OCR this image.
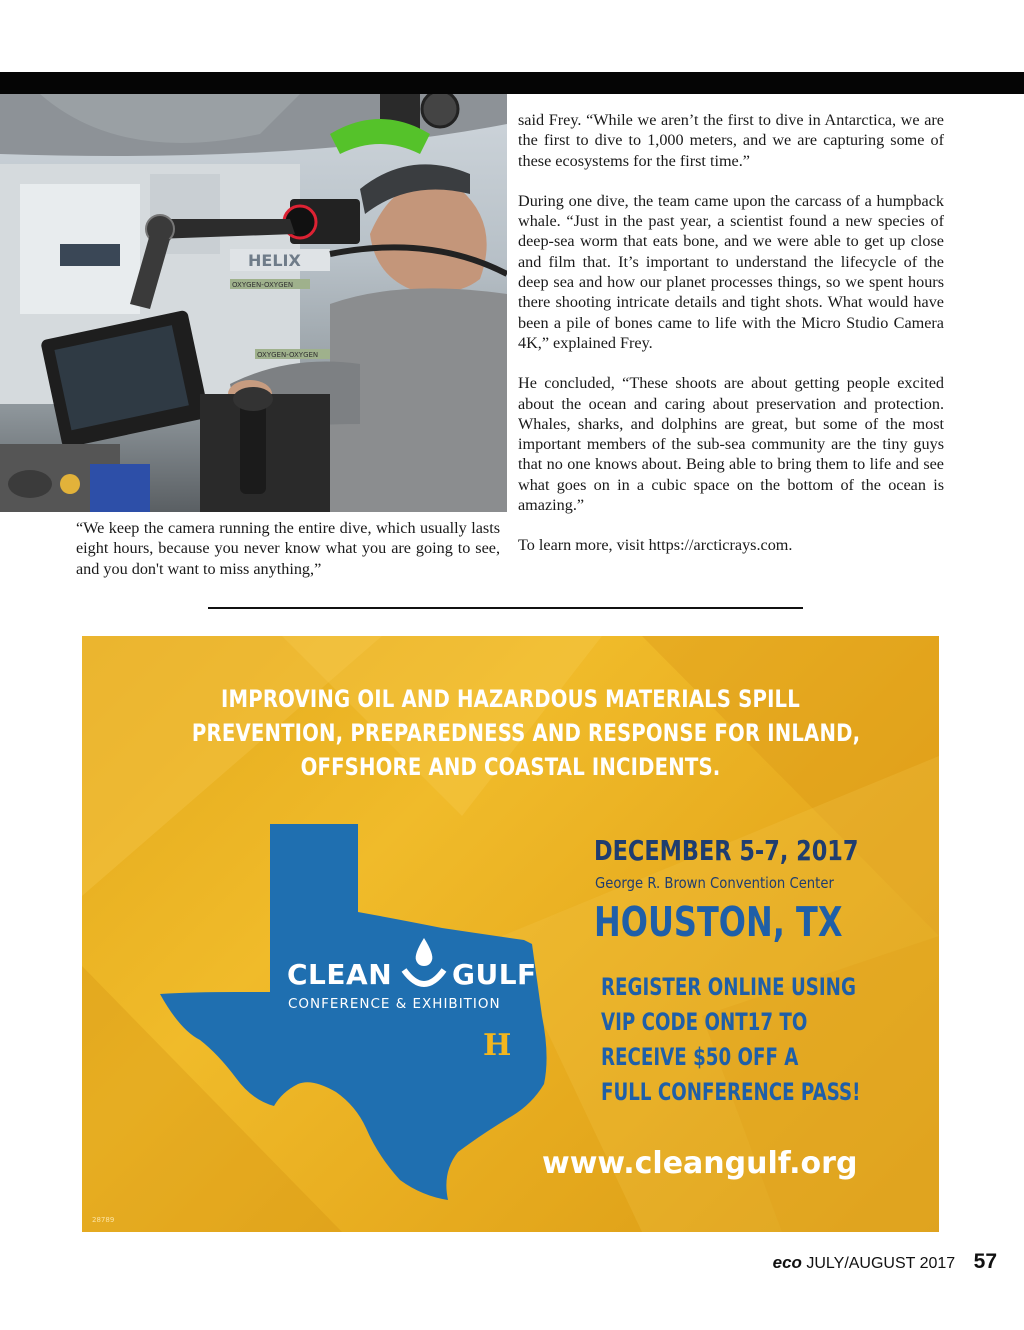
HELIX
OXYGEN-OXYGEN
OXYGEN-OXYGEN

“We keep the camera running the entire dive, which usually lasts eight hours, because you never know what you are going to see, and you don't want to miss anything,”

said Frey. “While we aren’t the first to dive in Antarctica, we are the first to dive to 1,000 meters, and we are capturing some of these ecosystems for the first time.”

During one dive, the team came upon the carcass of a humpback whale. “Just in the past year, a scientist found a new species of deep-sea worm that eats bone, and we were able to get up close and film that. It’s important to understand the lifecycle of the deep sea and how our planet processes things, so we spent hours there shooting intricate details and tight shots. What would have been a pile of bones came to life with the Micro Studio Camera 4K,” explained Frey.

He concluded, “These shoots are about getting people excited about the ocean and caring about preservation and protection. Whales, sharks, and dolphins are great, but some of the most important members of the sub-sea community are the tiny guys that no one knows about. Being able to bring them to life and see what goes on in a cubic space on the bottom of the ocean is amazing.”

To learn more, visit https://arcticrays.com.

IMPROVING OIL AND HAZARDOUS MATERIALS SPILL
PREVENTION, PREPAREDNESS AND RESPONSE FOR INLAND,
OFFSHORE AND COASTAL INCIDENTS.
CLEAN GULF
CONFERENCE & EXHIBITION
H
DECEMBER 5-7, 2017
George R. Brown Convention Center
HOUSTON, TX
REGISTER ONLINE USING
VIP CODE ONT17 TO
RECEIVE $50 OFF A
FULL CONFERENCE PASS!
www.cleangulf.org
28789
eco JULY/AUGUST 2017 57
